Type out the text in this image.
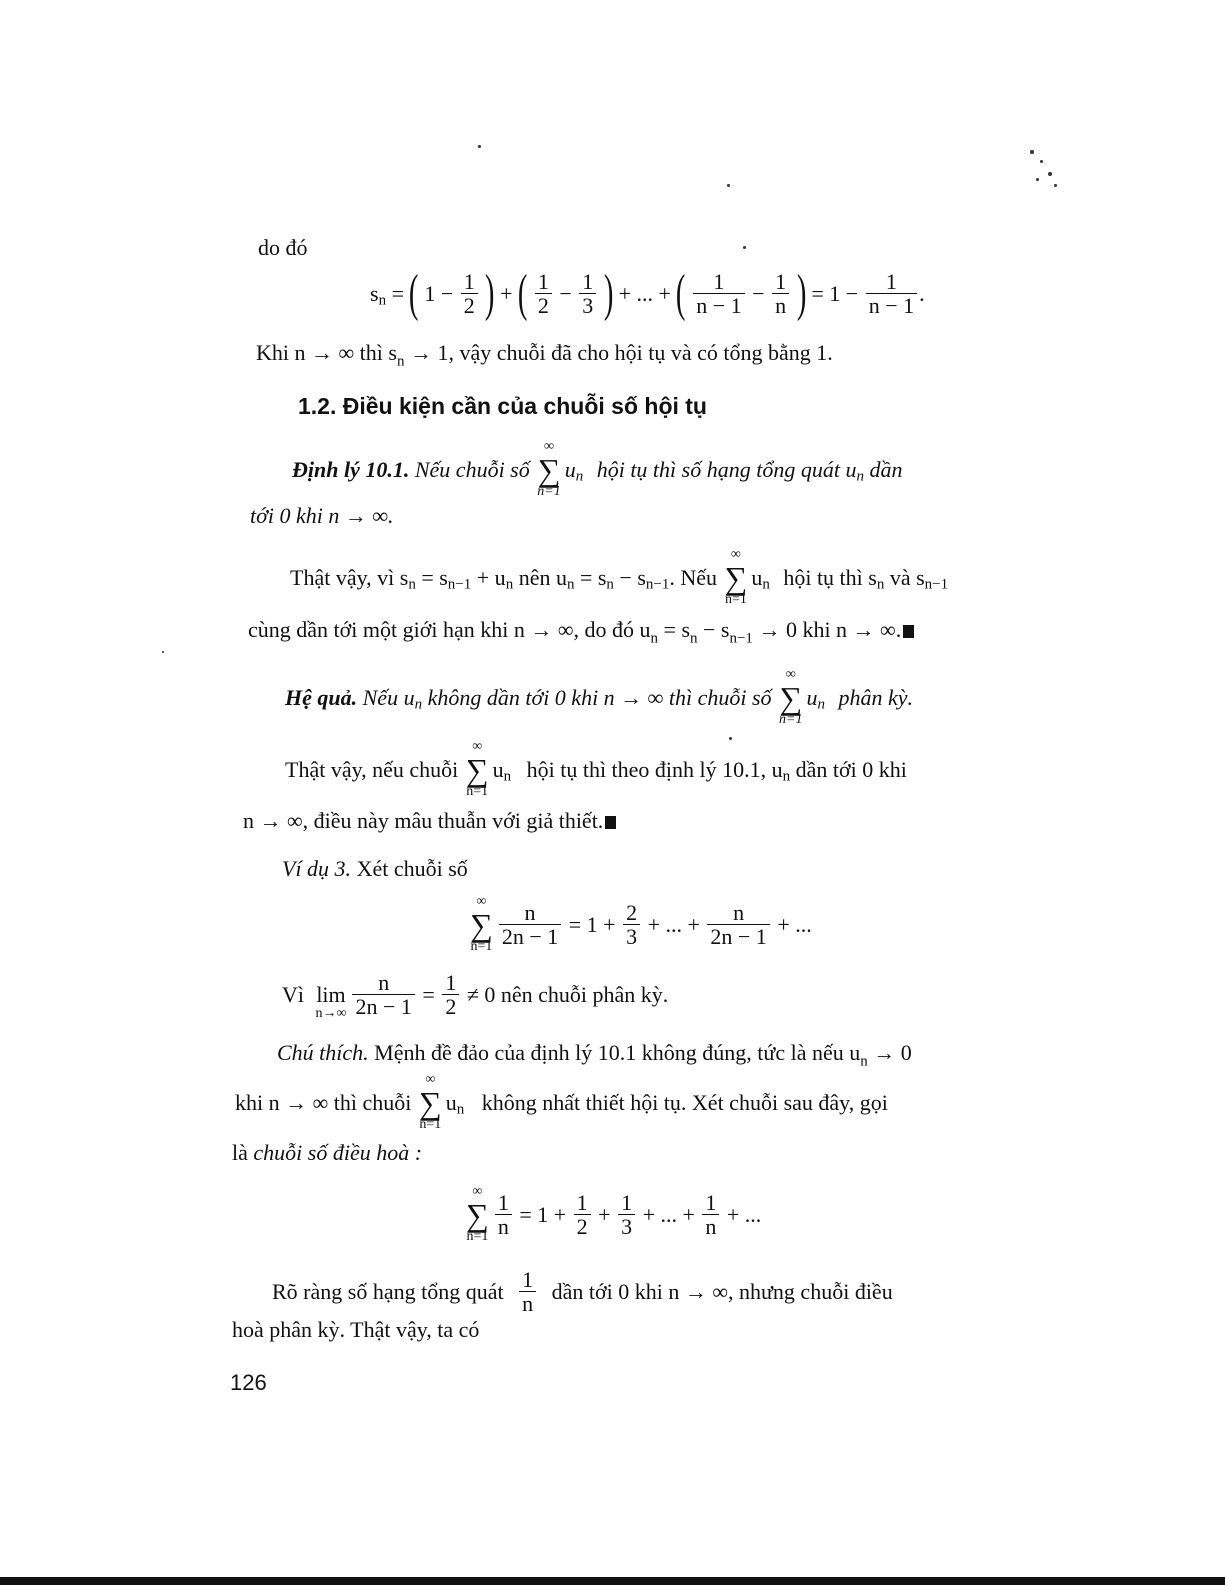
do đó
$s_n$ = ( $1 - \frac{1}{2}$ ) + ( $\frac{1}{2} - \frac{1}{3}$ ) + ... + ( $\frac{1}{n - 1} - \frac{1}{n}$ ) = $1 - \frac{1}{n - 1}$ .
Khi n → ∞ thì $s_n \to 1$, vậy chuỗi đã cho hội tụ và có tổng bằng 1.
1.2. Điều kiện cần của chuỗi số hội tụ
Định lý 10.1. Nếu chuỗi số
∞
∑
n=1
$u_n$ hội tụ thì số hạng tổng quát $u_n$ dần
tới 0 khi n → ∞.
Thật vậy, vì $s_n = s_{n-1} + u_n$ nên $u_n = s_n - s_{n-1}$. Nếu
∞
∑
n=1
$u_n$ hội tụ thì $s_n$ và $s_{n-1}$
cùng dần tới một giới hạn khi n → ∞, do đó $u_n = s_n - s_{n-1} \to 0$ khi n → ∞.
Hệ quả. Nếu $u_n$ không dần tới 0 khi n → ∞ thì chuỗi số
∞
∑
n=1
$u_n$ phân kỳ.
Thật vậy, nếu chuỗi
∞
∑
n=1
$u_n$ hội tụ thì theo định lý 10.1, $u_n$ dần tới 0 khi
n → ∞, điều này mâu thuẫn với giả thiết.
Ví dụ 3. Xét chuỗi số
∞
∑
$n=1 \frac{n}{2n - 1} = 1 + \frac{2}{3}$ + ... + $\frac{n}{2n - 1}$ + ...
Vì lim
$n\to\infty \frac{n}{2n - 1} = \frac{1}{2} \ne 0$ nên chuỗi phân kỳ.
Chú thích. Mệnh đề đảo của định lý 10.1 không đúng, tức là nếu $u_n \to 0$
khi n → ∞ thì chuỗi
∞
∑
n=1
$u_n$ không nhất thiết hội tụ. Xét chuỗi sau đây, gọi
là chuỗi số điều hoà :
∞
∑
$n=1 \frac{1}{n} = 1 + \frac{1}{2} + \frac{1}{3}$ + ... + $\frac{1}{n}$ + ...
Rõ ràng số hạng tổng quát $\frac{1}{n}$ dần tới 0 khi n → ∞, nhưng chuỗi điều
hoà phân kỳ. Thật vậy, ta có
126
